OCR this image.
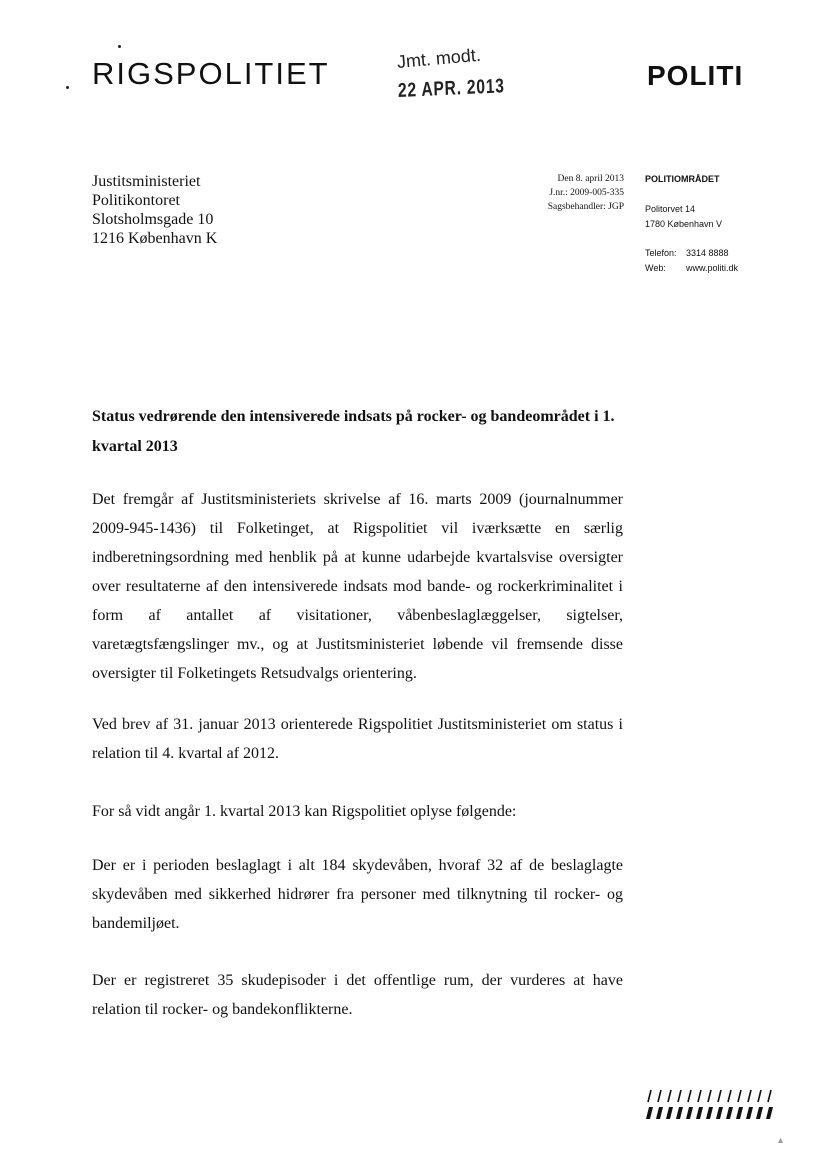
RIGSPOLITIET	Jmt. modt.
22 APR. 2013	POLITI
Justitsministeriet
Politikontoret
Slotsholmsgade 10
1216 København K
Den 8. april 2013
J.nr.: 2009-005-335
Sagsbehandler: JGP
POLITIOMRÅDET
Politorvet 14
1780 København V
Telefon: 3314 8888
Web: www.politi.dk

Status vedrørende den intensiverede indsats på rocker- og bandeområdet i 1. kvartal 2013

Det fremgår af Justitsministeriets skrivelse af 16. marts 2009 (journalnummer 2009-945-1436) til Folketinget, at Rigspolitiet vil iværksætte en særlig indberetningsordning med henblik på at kunne udarbejde kvartalsvise oversigter over resultaterne af den intensiverede indsats mod bande- og rockerkriminalitet i form af antallet af visitationer, våbenbeslaglæggelser, sigtelser, varetægtsfængslinger mv., og at Justitsministeriet løbende vil fremsende disse oversigter til Folketingets Retsudvalgs orientering.

Ved brev af 31. januar 2013 orienterede Rigspolitiet Justitsministeriet om status i relation til 4. kvartal af 2012.

For så vidt angår 1. kvartal 2013 kan Rigspolitiet oplyse følgende:

Der er i perioden beslaglagt i alt 184 skydevåben, hvoraf 32 af de beslaglagte skydevåben med sikkerhed hidrører fra personer med tilknytning til rocker- og bandemiljøet.

Der er registreret 35 skudepisoder i det offentlige rum, der vurderes at have relation til rocker- og bandekonflikterne.
